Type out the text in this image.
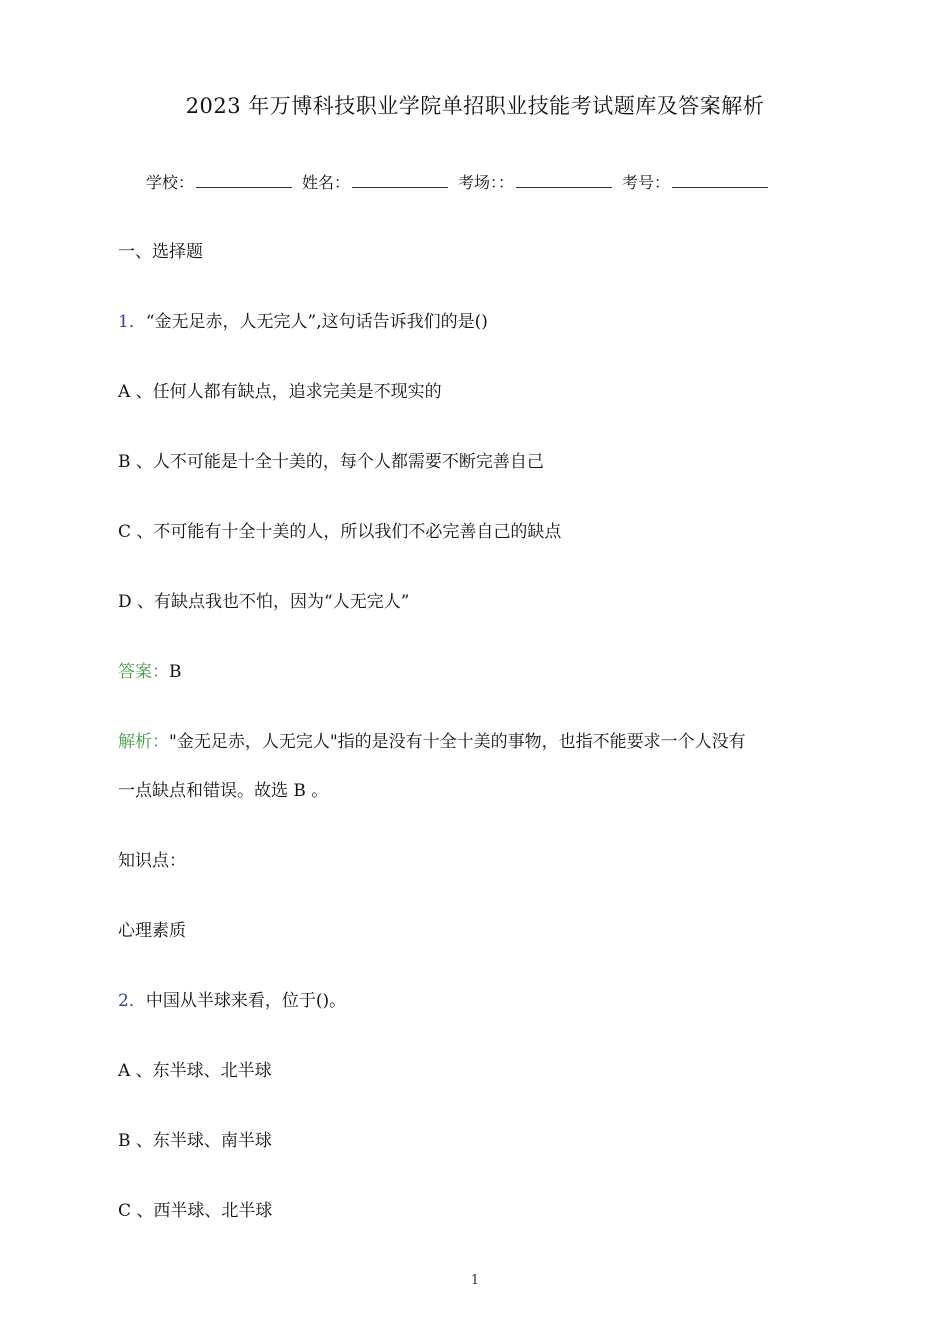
2023 年万博科技职业学院单招职业技能考试题库及答案解析
学校：	姓名：	考场：：	考号：
一、选择题
1．“金无足赤，人无完人”,这句话告诉我们的是()
A 、任何人都有缺点，追求完美是不现实的
B 、人不可能是十全十美的，每个人都需要不断完善自己
C 、不可能有十全十美的人，所以我们不必完善自己的缺点
D 、有缺点我也不怕，因为“人无完人”
答案：B
解析："金无足赤，人无完人"指的是没有十全十美的事物，也指不能要求一个人没有
一点缺点和错误。故选 B 。
知识点：
心理素质
2．中国从半球来看，位于()。
A 、东半球、北半球
B 、东半球、南半球
C 、西半球、北半球
1
